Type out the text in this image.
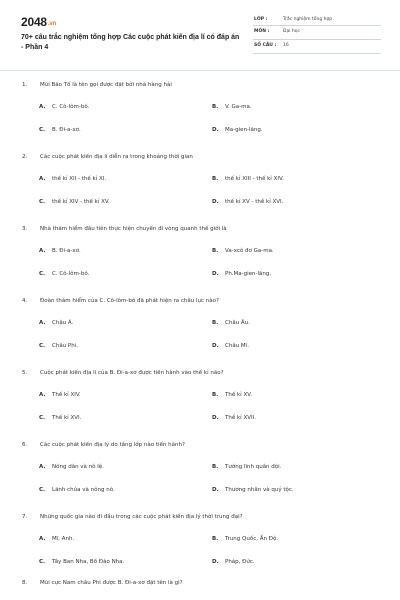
2048.vn
70+ câu trắc nghiệm tổng hợp Các cuộc phát kiến địa lí có đáp án - Phần 4
LỚP :	Trắc nghiệm tổng hợp
MÔN :	Đại học
SỐ CÂU : 16
1. Mũi Bão Tố là tên gọi được đặt bởi nhà hàng hải
A. C. Cô-lôm-bô.	B. V. Ga-ma.
C. B. Đi-a-xơ.	D. Ma-gien-lăng.
2. Các cuộc phát kiến địa lí diễn ra trong khoảng thời gian
A. thế kỉ XII - thế kỉ XI.	B. thế kỉ XIII - thế kỉ XIV.
C. thế kỉ XIV - thế kỉ XV.	D. thế kỉ XV - thế kỉ XVI.
3. Nhà thám hiểm đầu tiên thực hiện chuyến đi vòng quanh thế giới là
A. B. Đi-a-xơ.	B. Va-xcô đơ Ga-ma.
C. C. Cô-lôm-bô.	D. Ph.Ma-gien-lăng.
4. Đoàn thám hiểm của C. Cô-lôm-bô đã phát hiện ra châu lục nào?
A. Châu Á.	B. Châu Âu.
C. Châu Phi.	D. Châu Mĩ.
5. Cuộc phát kiến địa lí của B. Đi-a-xơ được tiến hành vào thế kỉ nào?
A. Thế kỉ XIV.	B. Thế kỉ XV.
C. Thế kỉ XVI.	D. Thế kỉ XVII.
6. Các cuộc phát kiến địa lý do tầng lớp nào tiến hành?
A. Nông dân và nô lệ.	B. Tướng lĩnh quân đội.
C. Lãnh chúa và nông nô.	D. Thương nhân và quý tộc.
7. Những quốc gia nào đi đầu trong các cuộc phát kiến địa lý thời trung đại?
A. Mĩ, Anh.	B. Trung Quốc, Ấn Độ.
C. Tây Ban Nha, Bồ Đào Nha.	D. Pháp, Đức.
8. Mũi cực Nam châu Phi được B. Đi-a-xơ đặt tên là gì?
